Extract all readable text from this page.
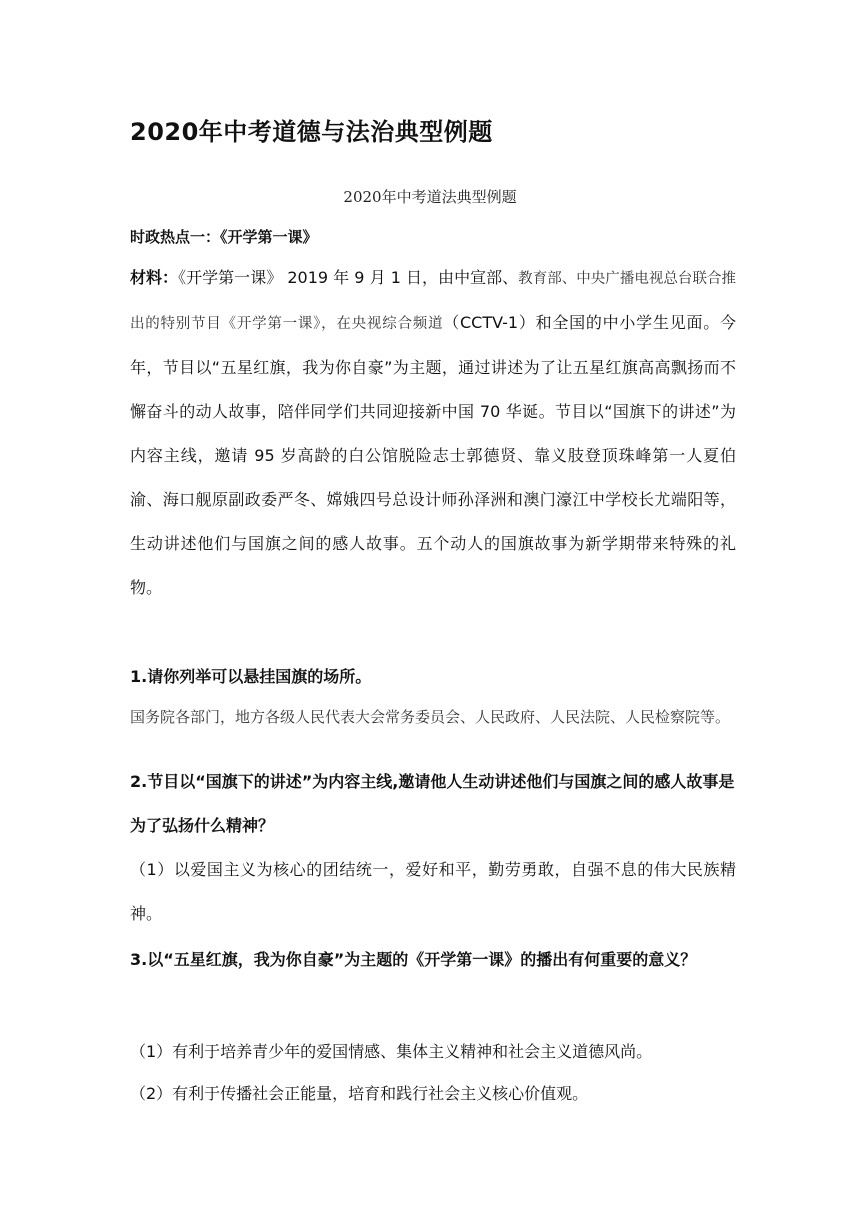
2020年中考道德与法治典型例题
2020年中考道法典型例题
时政热点一：《开学第一课》

材料：《开学第一课》 2019 年 9 月 1 日，由中宣部、教育部、中央广播电视总台联合推出的特别节目《开学第一课》，在央视综合频道（CCTV-1）和全国的中小学生见面。今年，节目以“五星红旗，我为你自豪”为主题，通过讲述为了让五星红旗高高飘扬而不懈奋斗的动人故事，陪伴同学们共同迎接新中国 70 华诞。节目以“国旗下的讲述”为内容主线，邀请 95 岁高龄的白公馆脱险志士郭德贤、靠义肢登顶珠峰第一人夏伯渝、海口舰原副政委严冬、嫦娥四号总设计师孙泽洲和澳门濠江中学校长尤端阳等，生动讲述他们与国旗之间的感人故事。五个动人的国旗故事为新学期带来特殊的礼物。

1.请你列举可以悬挂国旗的场所。

国务院各部门，地方各级人民代表大会常务委员会、人民政府、人民法院、人民检察院等。

2.节目以“国旗下的讲述”为内容主线,邀请他人生动讲述他们与国旗之间的感人故事是为了弘扬什么精神？

（1）以爱国主义为核心的团结统一，爱好和平，勤劳勇敢，自强不息的伟大民族精神。

3.以“五星红旗，我为你自豪”为主题的《开学第一课》的播出有何重要的意义？

（1）有利于培养青少年的爱国情感、集体主义精神和社会主义道德风尚。

（2）有利于传播社会正能量，培育和践行社会主义核心价值观。
